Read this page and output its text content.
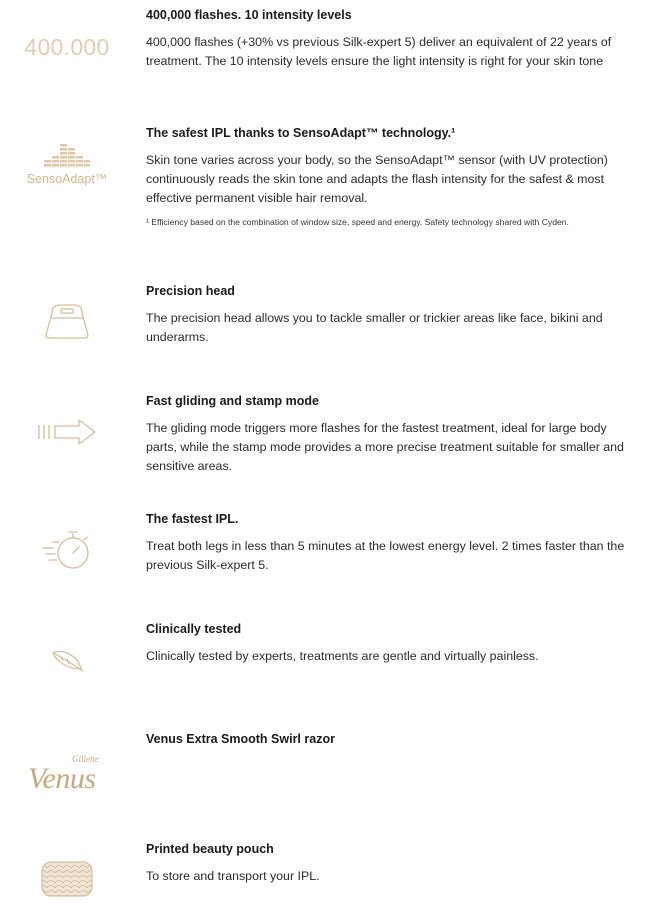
400.000
400,000 flashes. 10 intensity levels

400,000 flashes (+30% vs previous Silk-expert 5) deliver an equivalent of 22 years of treatment. The 10 intensity levels ensure the light intensity is right for your skin tone

SensoAdapt™
The safest IPL thanks to SensoAdapt™ technology.¹

Skin tone varies across your body, so the SensoAdapt™ sensor (with UV protection) continuously reads the skin tone and adapts the flash intensity for the safest & most effective permanent visible hair removal.

¹ Efficiency based on the combination of window size, speed and energy. Safety technology shared with Cyden.

Precision head

The precision head allows you to tackle smaller or trickier areas like face, bikini and underarms.

Fast gliding and stamp mode

The gliding mode triggers more flashes for the fastest treatment, ideal for large body parts, while the stamp mode provides a more precise treatment suitable for smaller and sensitive areas.

The fastest IPL.

Treat both legs in less than 5 minutes at the lowest energy level. 2 times faster than the previous Silk-expert 5.

Clinically tested

Clinically tested by experts, treatments are gentle and virtually painless.

Gillette
Venus
Venus Extra Smooth Swirl razor
Printed beauty pouch

To store and transport your IPL.
